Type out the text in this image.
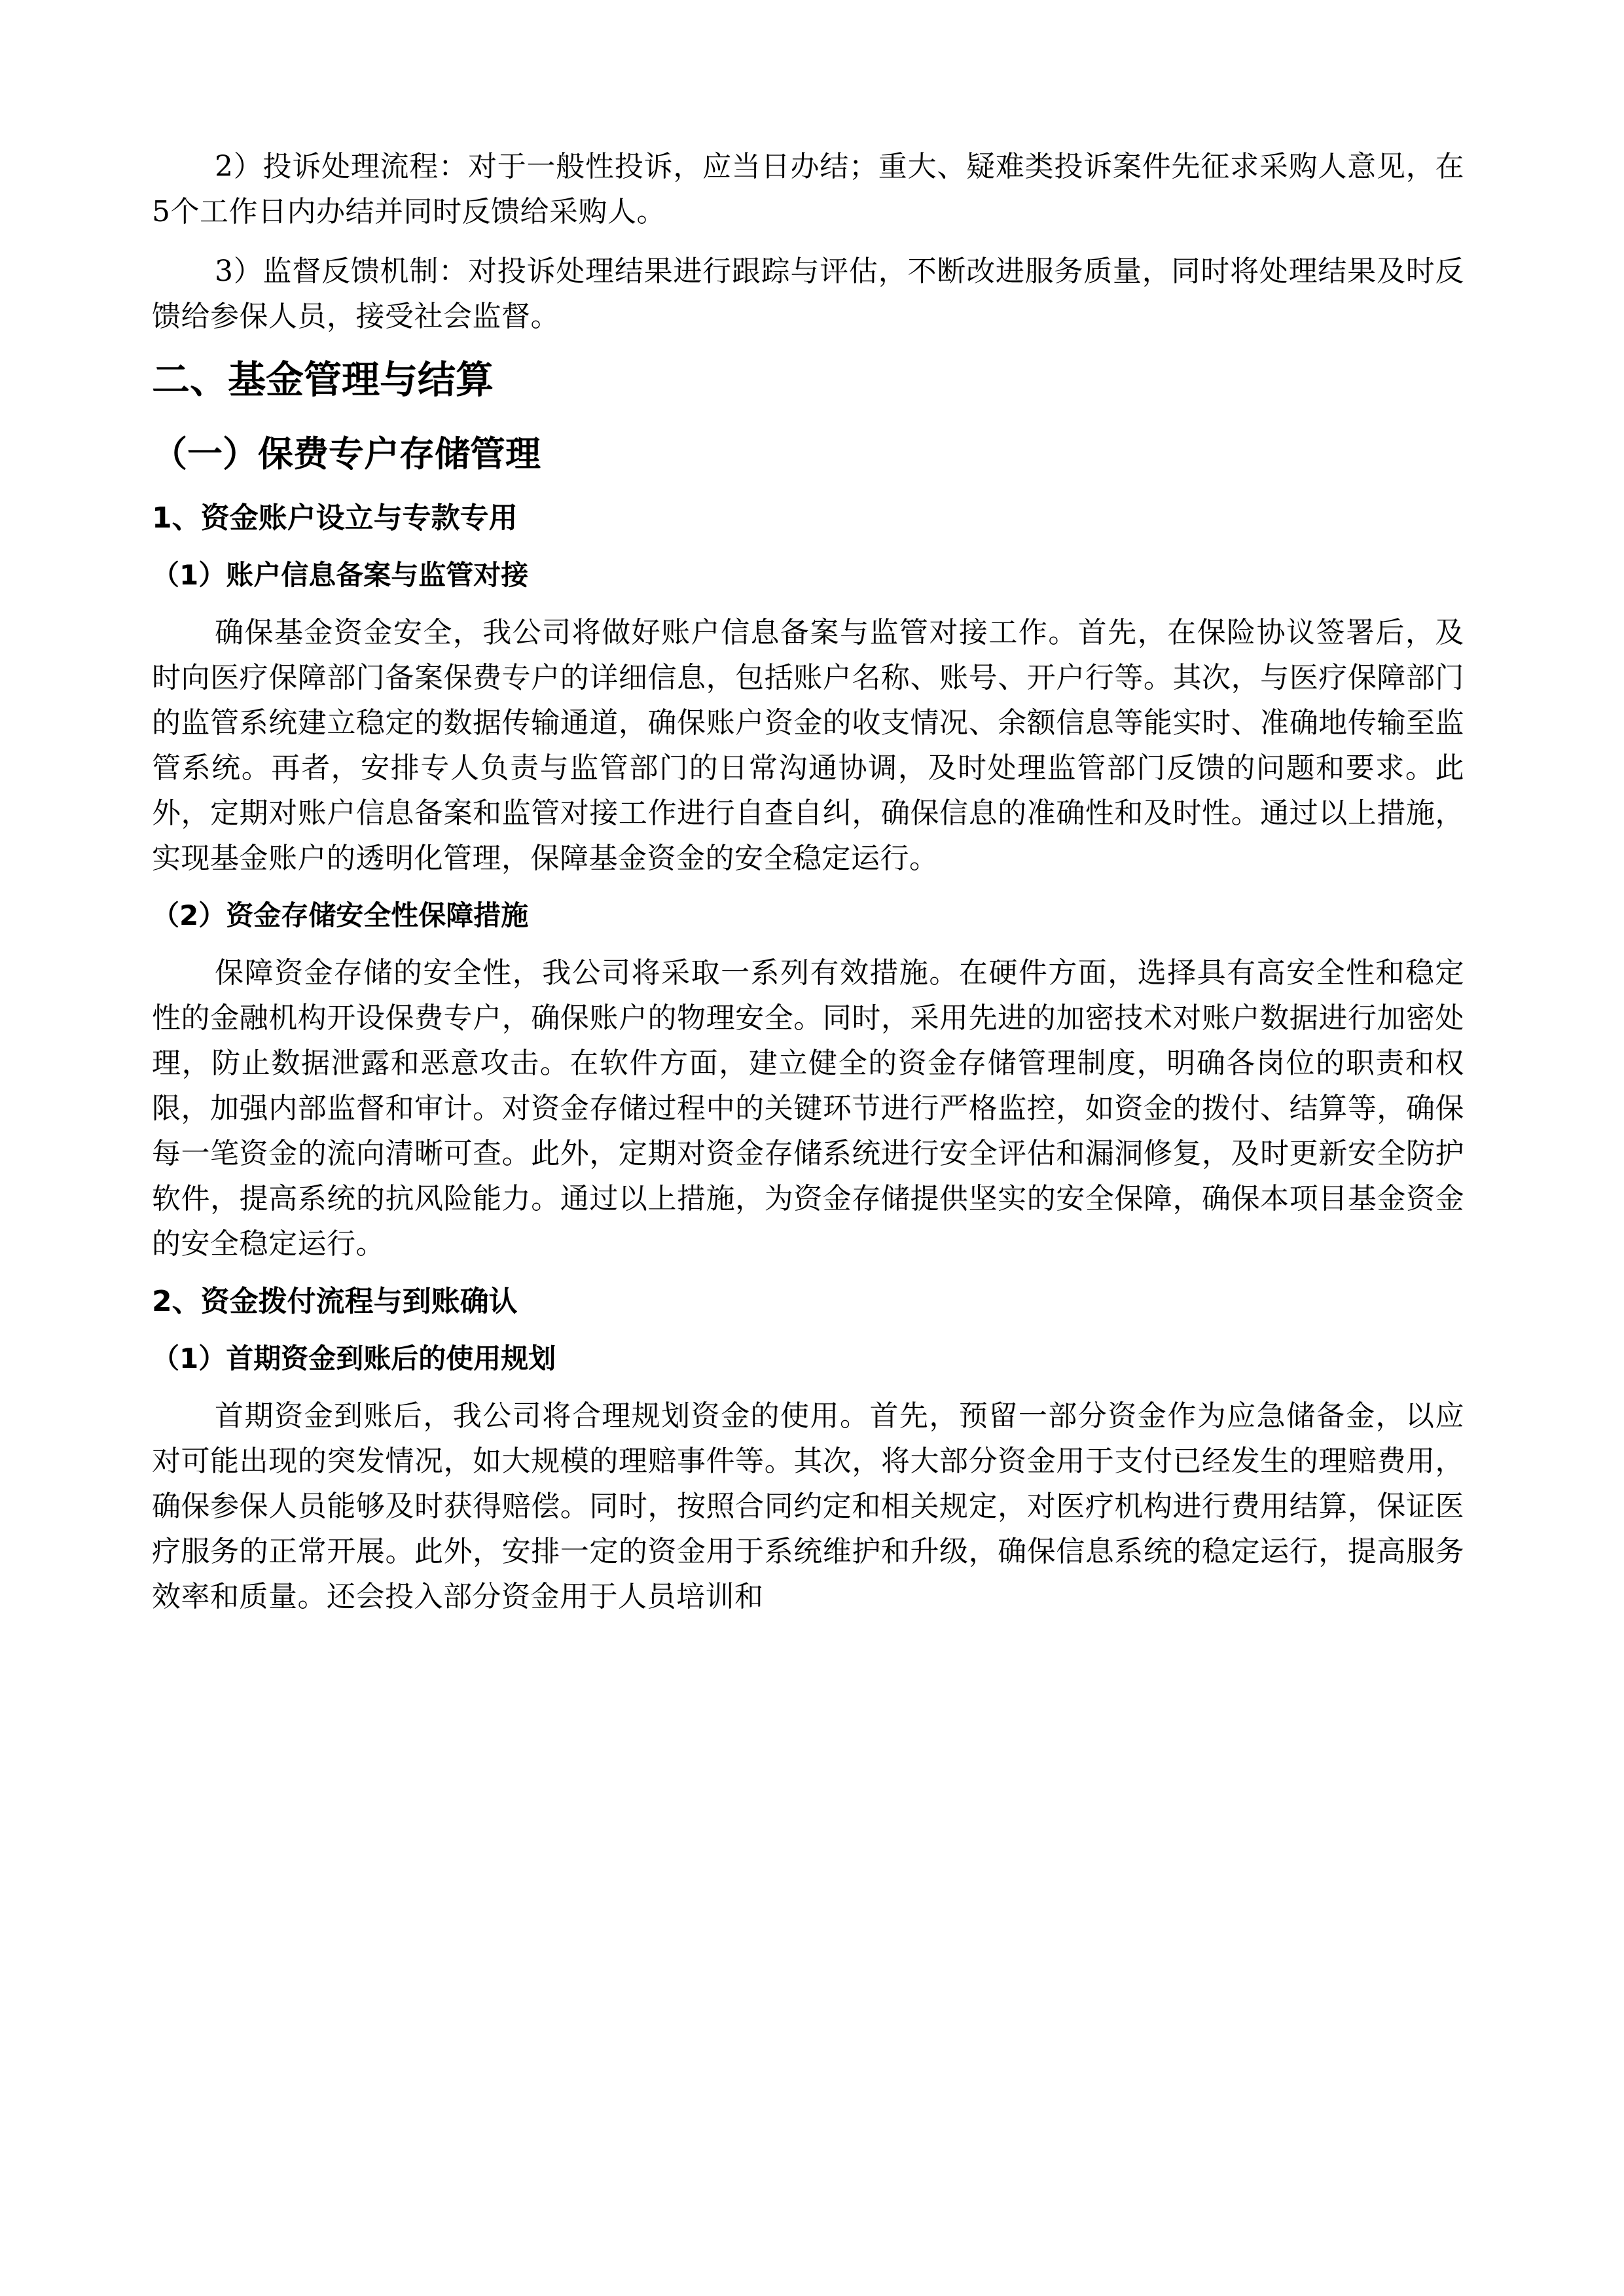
2）投诉处理流程：对于一般性投诉，应当日办结；重大、疑难类投诉案件先征求采购人意见，在5个工作日内办结并同时反馈给采购人。

3）监督反馈机制：对投诉处理结果进行跟踪与评估，不断改进服务质量，同时将处理结果及时反馈给参保人员，接受社会监督。

二、基金管理与结算
（一）保费专户存储管理
1、资金账户设立与专款专用
（1）账户信息备案与监管对接

确保基金资金安全，我公司将做好账户信息备案与监管对接工作。首先，在保险协议签署后，及时向医疗保障部门备案保费专户的详细信息，包括账户名称、账号、开户行等。其次，与医疗保障部门的监管系统建立稳定的数据传输通道，确保账户资金的收支情况、余额信息等能实时、准确地传输至监管系统。再者，安排专人负责与监管部门的日常沟通协调，及时处理监管部门反馈的问题和要求。此外，定期对账户信息备案和监管对接工作进行自查自纠，确保信息的准确性和及时性。通过以上措施，实现基金账户的透明化管理，保障基金资金的安全稳定运行。

（2）资金存储安全性保障措施

保障资金存储的安全性，我公司将采取一系列有效措施。在硬件方面，选择具有高安全性和稳定性的金融机构开设保费专户，确保账户的物理安全。同时，采用先进的加密技术对账户数据进行加密处理，防止数据泄露和恶意攻击。在软件方面，建立健全的资金存储管理制度，明确各岗位的职责和权限，加强内部监督和审计。对资金存储过程中的关键环节进行严格监控，如资金的拨付、结算等，确保每一笔资金的流向清晰可查。此外，定期对资金存储系统进行安全评估和漏洞修复，及时更新安全防护软件，提高系统的抗风险能力。通过以上措施，为资金存储提供坚实的安全保障，确保本项目基金资金的安全稳定运行。

2、资金拨付流程与到账确认
（1）首期资金到账后的使用规划

首期资金到账后，我公司将合理规划资金的使用。首先，预留一部分资金作为应急储备金，以应对可能出现的突发情况，如大规模的理赔事件等。其次，将大部分资金用于支付已经发生的理赔费用，确保参保人员能够及时获得赔偿。同时，按照合同约定和相关规定，对医疗机构进行费用结算，保证医疗服务的正常开展。此外，安排一定的资金用于系统维护和升级，确保信息系统的稳定运行，提高服务效率和质量。还会投入部分资金用于人员培训和
